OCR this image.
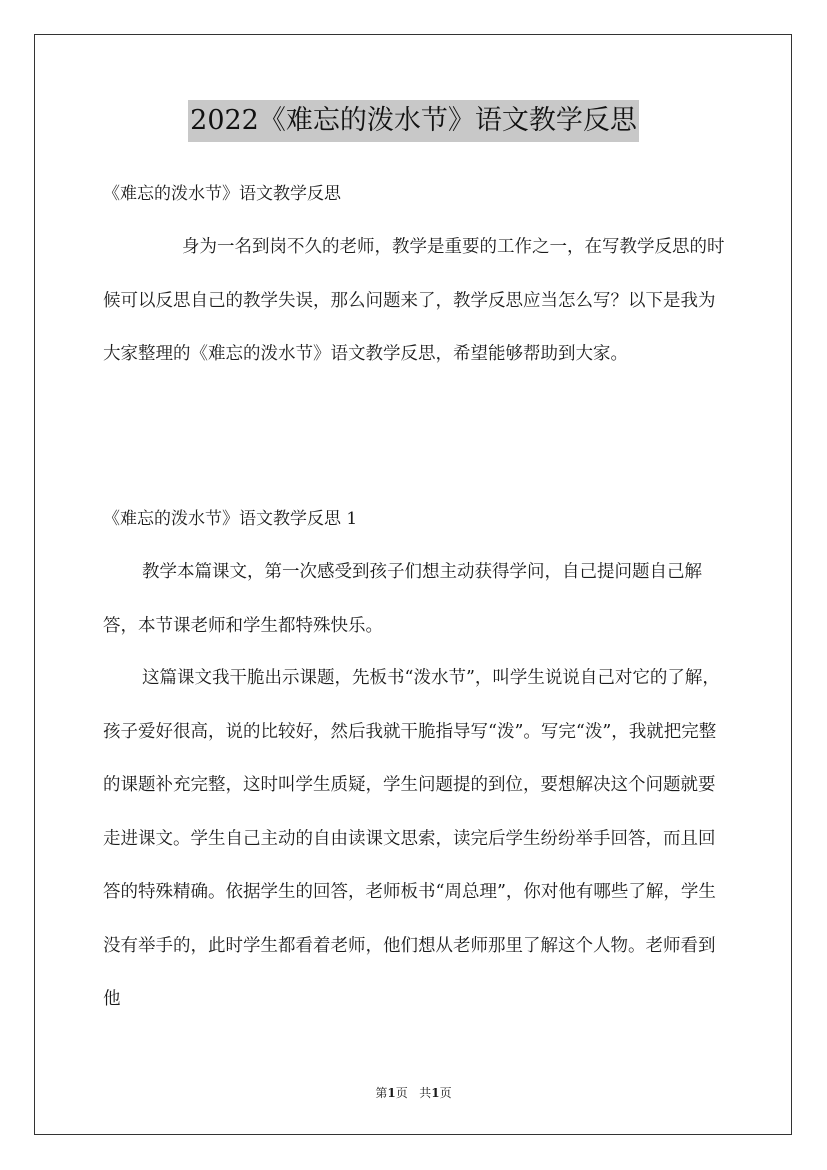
2022《难忘的泼水节》语文教学反思
《难忘的泼水节》语文教学反思

身为一名到岗不久的老师，教学是重要的工作之一，在写教学反思的时候可以反思自己的教学失误，那么问题来了，教学反思应当怎么写？以下是我为大家整理的《难忘的泼水节》语文教学反思，希望能够帮助到大家。

《难忘的泼水节》语文教学反思 1

教学本篇课文，第一次感受到孩子们想主动获得学问，自己提问题自己解答，本节课老师和学生都特殊快乐。

这篇课文我干脆出示课题，先板书“泼水节”，叫学生说说自己对它的了解，孩子爱好很高，说的比较好，然后我就干脆指导写“泼”。写完“泼”，我就把完整的课题补充完整，这时叫学生质疑，学生问题提的到位，要想解决这个问题就要走进课文。学生自己主动的自由读课文思索，读完后学生纷纷举手回答，而且回答的特殊精确。依据学生的回答，老师板书“周总理”，你对他有哪些了解，学生没有举手的，此时学生都看着老师，他们想从老师那里了解这个人物。老师看到他

第1页 共1页
